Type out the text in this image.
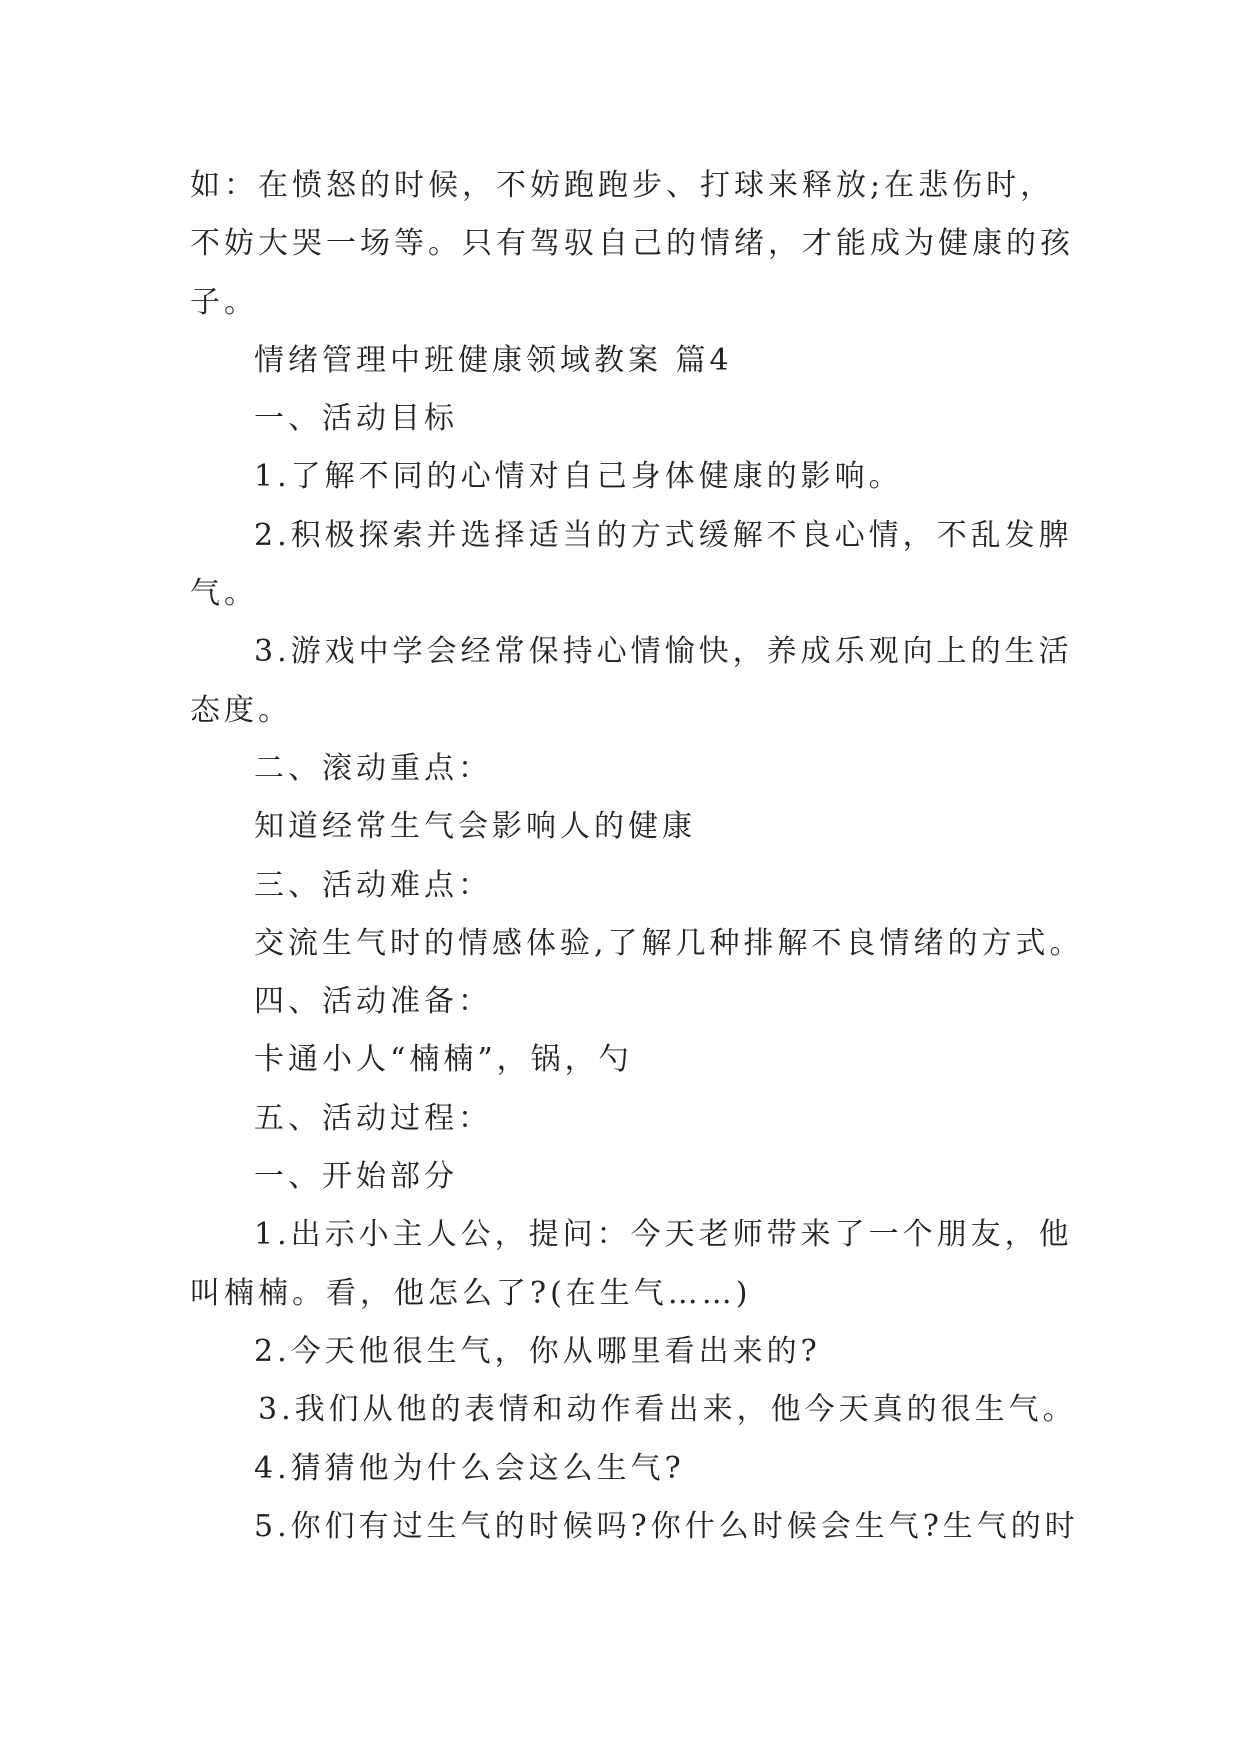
如：在愤怒的时候，不妨跑跑步、打球来释放;在悲伤时，
不妨大哭一场等。只有驾驭自己的情绪，才能成为健康的孩
子。
情绪管理中班健康领域教案 篇4
一、活动目标
1.了解不同的心情对自己身体健康的影响。
2.积极探索并选择适当的方式缓解不良心情，不乱发脾
气。
3.游戏中学会经常保持心情愉快，养成乐观向上的生活
态度。
二、滚动重点：
知道经常生气会影响人的健康
三、活动难点：
交流生气时的情感体验,了解几种排解不良情绪的方式。
四、活动准备：
卡通小人“楠楠”，锅，勺
五、活动过程：
一、开始部分
1.出示小主人公，提问：今天老师带来了一个朋友，他
叫楠楠。看，他怎么了?(在生气……)
2.今天他很生气，你从哪里看出来的?
3.我们从他的表情和动作看出来，他今天真的很生气。
4.猜猜他为什么会这么生气?
5.你们有过生气的时候吗?你什么时候会生气?生气的时
